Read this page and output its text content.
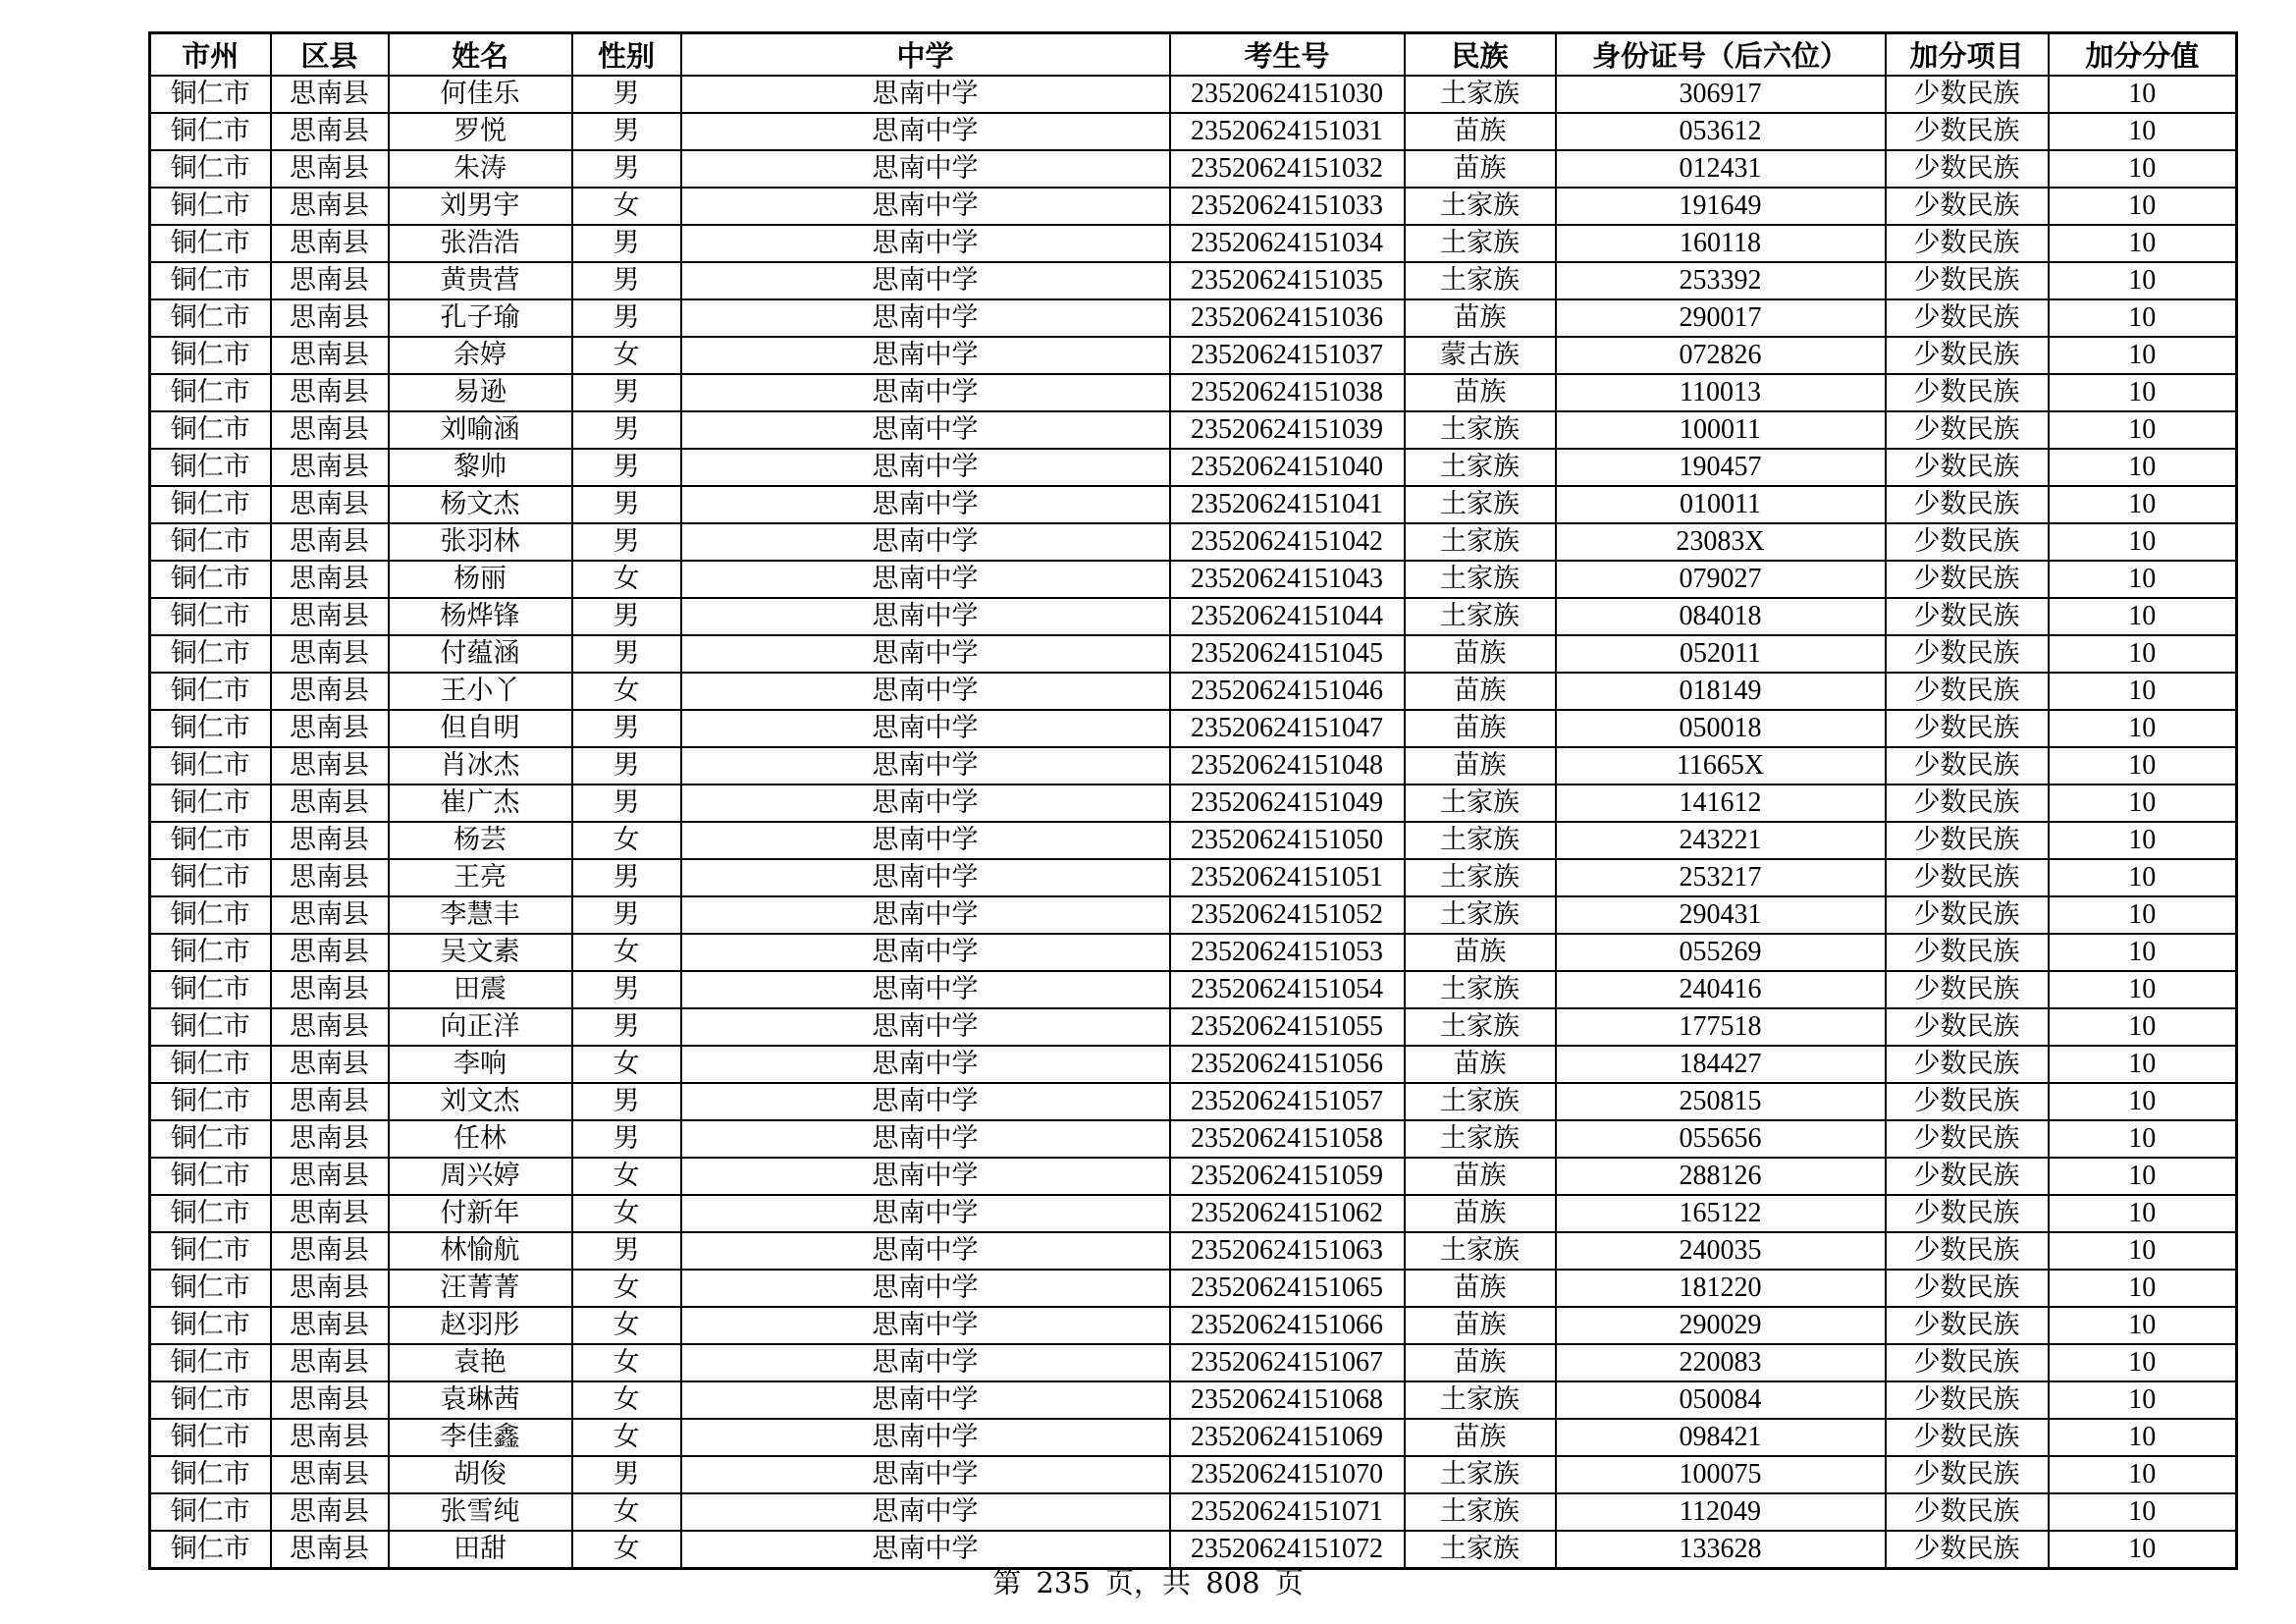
市州	区县	姓名	性别	中学	考生号	民族	身份证号（后六位）	加分项目	加分分值
铜仁市	思南县	何佳乐	男	思南中学	23520624151030	土家族	306917	少数民族	10
铜仁市	思南县	罗悦	男	思南中学	23520624151031	苗族	053612	少数民族	10
铜仁市	思南县	朱涛	男	思南中学	23520624151032	苗族	012431	少数民族	10
铜仁市	思南县	刘男宇	女	思南中学	23520624151033	土家族	191649	少数民族	10
铜仁市	思南县	张浩浩	男	思南中学	23520624151034	土家族	160118	少数民族	10
铜仁市	思南县	黄贵营	男	思南中学	23520624151035	土家族	253392	少数民族	10
铜仁市	思南县	孔子瑜	男	思南中学	23520624151036	苗族	290017	少数民族	10
铜仁市	思南县	余婷	女	思南中学	23520624151037	蒙古族	072826	少数民族	10
铜仁市	思南县	易逊	男	思南中学	23520624151038	苗族	110013	少数民族	10
铜仁市	思南县	刘喻涵	男	思南中学	23520624151039	土家族	100011	少数民族	10
铜仁市	思南县	黎帅	男	思南中学	23520624151040	土家族	190457	少数民族	10
铜仁市	思南县	杨文杰	男	思南中学	23520624151041	土家族	010011	少数民族	10
铜仁市	思南县	张羽林	男	思南中学	23520624151042	土家族	23083X	少数民族	10
铜仁市	思南县	杨丽	女	思南中学	23520624151043	土家族	079027	少数民族	10
铜仁市	思南县	杨烨锋	男	思南中学	23520624151044	土家族	084018	少数民族	10
铜仁市	思南县	付蕴涵	男	思南中学	23520624151045	苗族	052011	少数民族	10
铜仁市	思南县	王小丫	女	思南中学	23520624151046	苗族	018149	少数民族	10
铜仁市	思南县	但自明	男	思南中学	23520624151047	苗族	050018	少数民族	10
铜仁市	思南县	肖冰杰	男	思南中学	23520624151048	苗族	11665X	少数民族	10
铜仁市	思南县	崔广杰	男	思南中学	23520624151049	土家族	141612	少数民族	10
铜仁市	思南县	杨芸	女	思南中学	23520624151050	土家族	243221	少数民族	10
铜仁市	思南县	王亮	男	思南中学	23520624151051	土家族	253217	少数民族	10
铜仁市	思南县	李慧丰	男	思南中学	23520624151052	土家族	290431	少数民族	10
铜仁市	思南县	吴文素	女	思南中学	23520624151053	苗族	055269	少数民族	10
铜仁市	思南县	田震	男	思南中学	23520624151054	土家族	240416	少数民族	10
铜仁市	思南县	向正洋	男	思南中学	23520624151055	土家族	177518	少数民族	10
铜仁市	思南县	李响	女	思南中学	23520624151056	苗族	184427	少数民族	10
铜仁市	思南县	刘文杰	男	思南中学	23520624151057	土家族	250815	少数民族	10
铜仁市	思南县	任林	男	思南中学	23520624151058	土家族	055656	少数民族	10
铜仁市	思南县	周兴婷	女	思南中学	23520624151059	苗族	288126	少数民族	10
铜仁市	思南县	付新年	女	思南中学	23520624151062	苗族	165122	少数民族	10
铜仁市	思南县	林愉航	男	思南中学	23520624151063	土家族	240035	少数民族	10
铜仁市	思南县	汪菁菁	女	思南中学	23520624151065	苗族	181220	少数民族	10
铜仁市	思南县	赵羽彤	女	思南中学	23520624151066	苗族	290029	少数民族	10
铜仁市	思南县	袁艳	女	思南中学	23520624151067	苗族	220083	少数民族	10
铜仁市	思南县	袁琳茜	女	思南中学	23520624151068	土家族	050084	少数民族	10
铜仁市	思南县	李佳鑫	女	思南中学	23520624151069	苗族	098421	少数民族	10
铜仁市	思南县	胡俊	男	思南中学	23520624151070	土家族	100075	少数民族	10
铜仁市	思南县	张雪纯	女	思南中学	23520624151071	土家族	112049	少数民族	10
铜仁市	思南县	田甜	女	思南中学	23520624151072	土家族	133628	少数民族	10
第 235 页，共 808 页
